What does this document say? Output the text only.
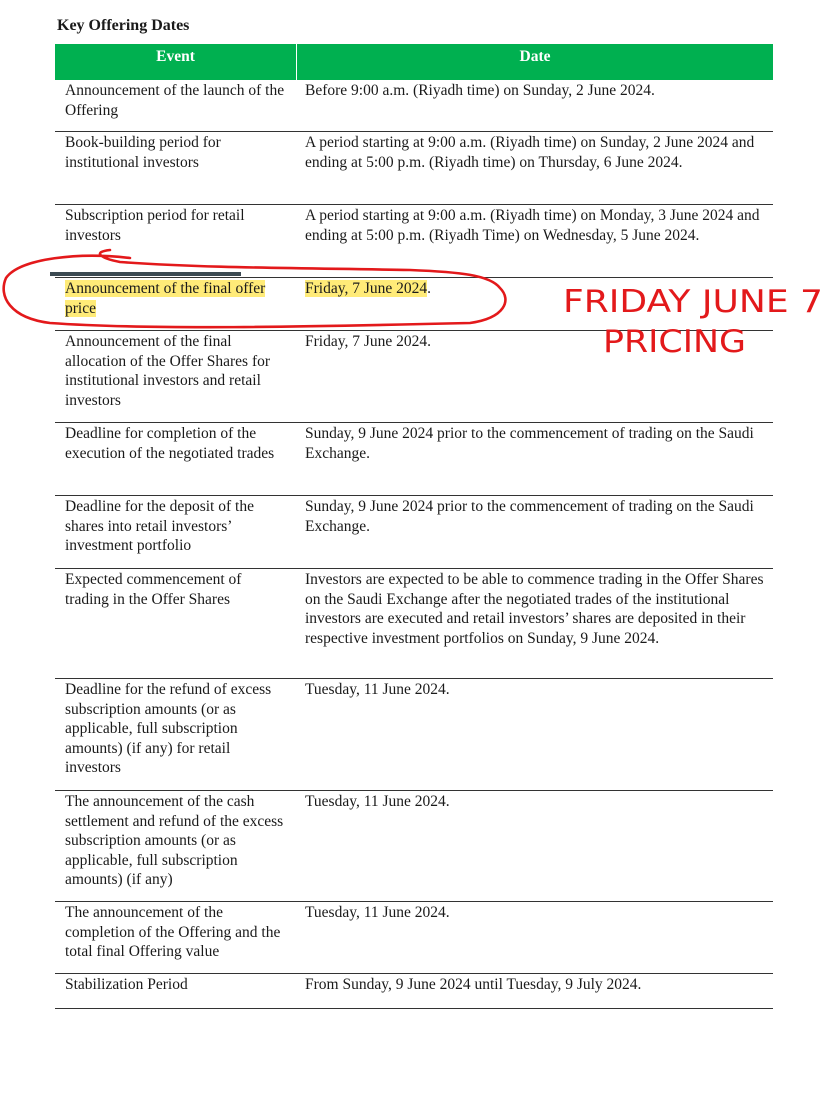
Key Offering Dates
Event	Date
Announcement of the launch of the Offering
Before 9:00 a.m. (Riyadh time) on Sunday, 2 June 2024.
Book-building period for institutional investors
A period starting at 9:00 a.m. (Riyadh time) on Sunday, 2 June 2024 and ending at 5:00 p.m. (Riyadh time) on Thursday, 6 June 2024.
Subscription period for retail investors
A period starting at 9:00 a.m. (Riyadh time) on Monday, 3 June 2024 and ending at 5:00 p.m. (Riyadh Time) on Wednesday, 5 June 2024.
Announcement of the final offer price
Friday, 7 June 2024.
Announcement of the final allocation of the Offer Shares for institutional investors and retail investors
Friday, 7 June 2024.
Deadline for completion of the execution of the negotiated trades
Sunday, 9 June 2024 prior to the commencement of trading on the Saudi Exchange.
Deadline for the deposit of the shares into retail investors’ investment portfolio
Sunday, 9 June 2024 prior to the commencement of trading on the Saudi Exchange.
Expected commencement of trading in the Offer Shares
Investors are expected to be able to commence trading in the Offer Shares on the Saudi Exchange after the negotiated trades of the institutional investors are executed and retail investors’ shares are deposited in their respective investment portfolios on Sunday, 9 June 2024.
Deadline for the refund of excess subscription amounts (or as applicable, full subscription amounts) (if any) for retail investors
Tuesday, 11 June 2024.
The announcement of the cash settlement and refund of the excess subscription amounts (or as applicable, full subscription amounts) (if any)
Tuesday, 11 June 2024.
The announcement of the completion of the Offering and the total final Offering value
Tuesday, 11 June 2024.
Stabilization Period	From Sunday, 9 June 2024 until Tuesday, 9 July 2024.
FRIDAY JUNE 7
PRICING
